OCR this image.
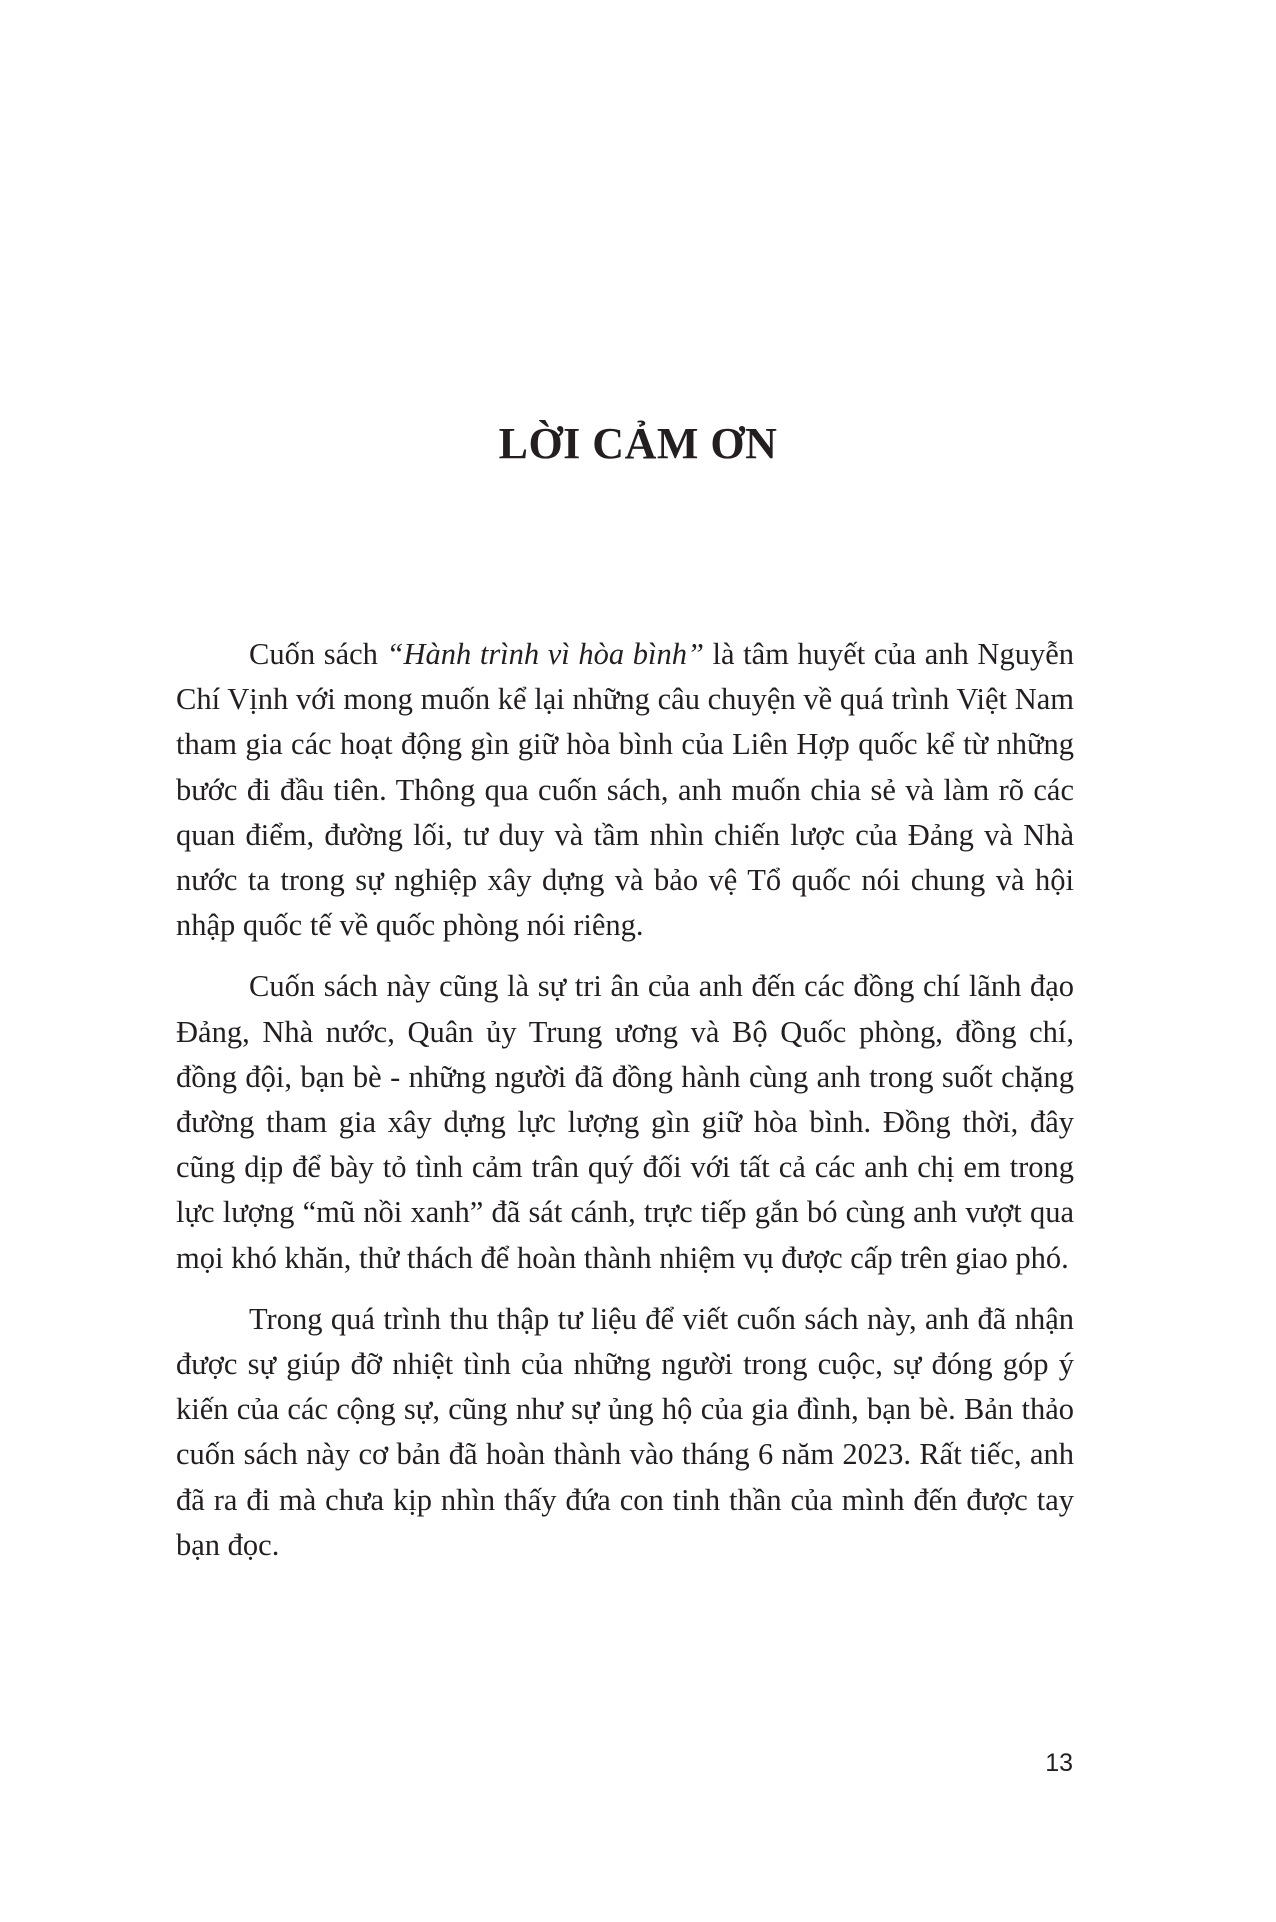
LỜI CẢM ƠN

Cuốn sách “Hành trình vì hòa bình” là tâm huyết của anh Nguyễn Chí Vịnh với mong muốn kể lại những câu chuyện về quá trình Việt Nam tham gia các hoạt động gìn giữ hòa bình của Liên Hợp quốc kể từ những bước đi đầu tiên. Thông qua cuốn sách, anh muốn chia sẻ và làm rõ các quan điểm, đường lối, tư duy và tầm nhìn chiến lược của Đảng và Nhà nước ta trong sự nghiệp xây dựng và bảo vệ Tổ quốc nói chung và hội nhập quốc tế về quốc phòng nói riêng.

Cuốn sách này cũng là sự tri ân của anh đến các đồng chí lãnh đạo Đảng, Nhà nước, Quân ủy Trung ương và Bộ Quốc phòng, đồng chí, đồng đội, bạn bè - những người đã đồng hành cùng anh trong suốt chặng đường tham gia xây dựng lực lượng gìn giữ hòa bình. Đồng thời, đây cũng dịp để bày tỏ tình cảm trân quý đối với tất cả các anh chị em trong lực lượng “mũ nồi xanh” đã sát cánh, trực tiếp gắn bó cùng anh vượt qua mọi khó khăn, thử thách để hoàn thành nhiệm vụ được cấp trên giao phó.

Trong quá trình thu thập tư liệu để viết cuốn sách này, anh đã nhận được sự giúp đỡ nhiệt tình của những người trong cuộc, sự đóng góp ý kiến của các cộng sự, cũng như sự ủng hộ của gia đình, bạn bè. Bản thảo cuốn sách này cơ bản đã hoàn thành vào tháng 6 năm 2023. Rất tiếc, anh đã ra đi mà chưa kịp nhìn thấy đứa con tinh thần của mình đến được tay bạn đọc.

13
